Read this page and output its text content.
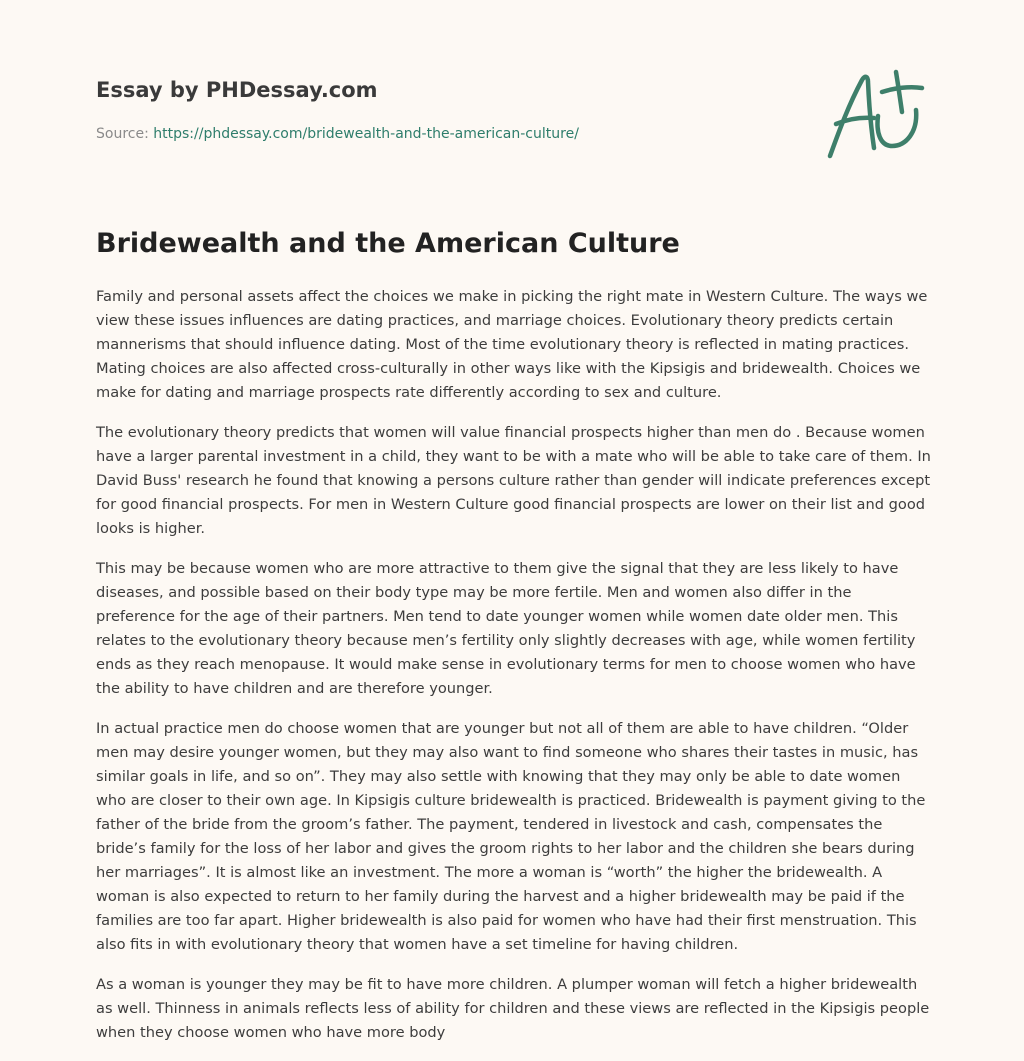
Essay by PHDessay.com
Source: https://phdessay.com/bridewealth-and-the-american-culture/
Bridewealth and the American Culture

Family and personal assets affect the choices we make in picking the right mate in Western Culture. The ways we view these issues influences are dating practices, and marriage choices. Evolutionary theory predicts certain mannerisms that should influence dating. Most of the time evolutionary theory is reflected in mating practices. Mating choices are also affected cross-culturally in other ways like with the Kipsigis and bridewealth. Choices we make for dating and marriage prospects rate differently according to sex and culture.

The evolutionary theory predicts that women will value financial prospects higher than men do . Because women have a larger parental investment in a child, they want to be with a mate who will be able to take care of them. In David Buss' research he found that knowing a persons culture rather than gender will indicate preferences except for good financial prospects. For men in Western Culture good financial prospects are lower on their list and good looks is higher.

This may be because women who are more attractive to them give the signal that they are less likely to have diseases, and possible based on their body type may be more fertile. Men and women also differ in the preference for the age of their partners. Men tend to date younger women while women date older men. This relates to the evolutionary theory because men’s fertility only slightly decreases with age, while women fertility ends as they reach menopause. It would make sense in evolutionary terms for men to choose women who have the ability to have children and are therefore younger.

In actual practice men do choose women that are younger but not all of them are able to have children. “Older men may desire younger women, but they may also want to find someone who shares their tastes in music, has similar goals in life, and so on”. They may also settle with knowing that they may only be able to date women who are closer to their own age. In Kipsigis culture bridewealth is practiced. Bridewealth is payment giving to the father of the bride from the groom’s father. The payment, tendered in livestock and cash, compensates the bride’s family for the loss of her labor and gives the groom rights to her labor and the children she bears during her marriages”. It is almost like an investment. The more a woman is “worth” the higher the bridewealth. A woman is also expected to return to her family during the harvest and a higher bridewealth may be paid if the families are too far apart. Higher bridewealth is also paid for women who have had their first menstruation. This also fits in with evolutionary theory that women have a set timeline for having children.

As a woman is younger they may be fit to have more children. A plumper woman will fetch a higher bridewealth as well. Thinness in animals reflects less of ability for children and these views are reflected in the Kipsigis people when they choose women who have more body
